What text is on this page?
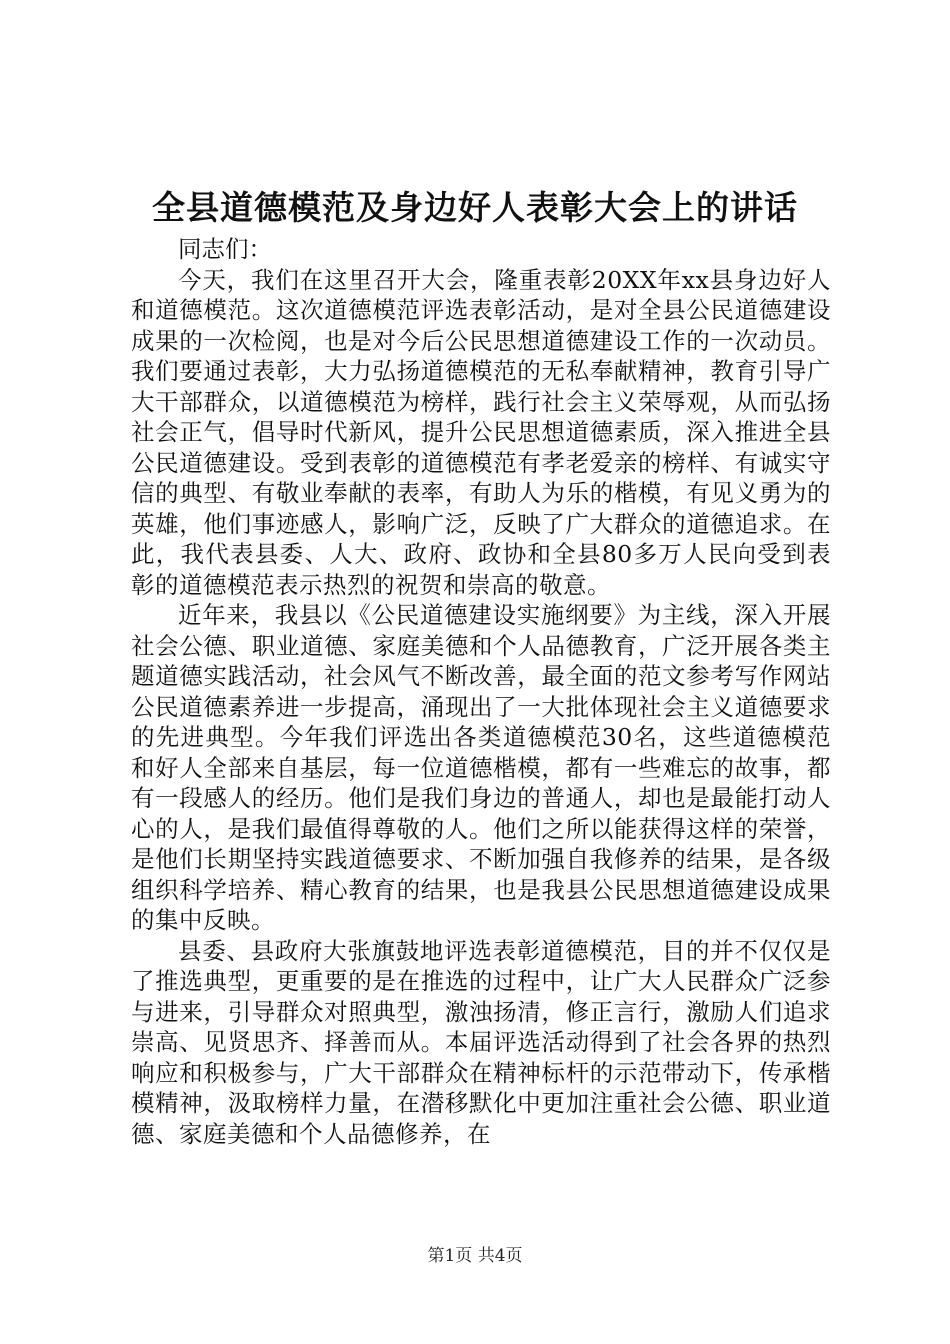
全县道德模范及身边好人表彰大会上的讲话

同志们：

今天，我们在这里召开大会，隆重表彰20XX年xx县身边好人和道德模范。这次道德模范评选表彰活动，是对全县公民道德建设成果的一次检阅，也是对今后公民思想道德建设工作的一次动员。我们要通过表彰，大力弘扬道德模范的无私奉献精神，教育引导广大干部群众，以道德模范为榜样，践行社会主义荣辱观，从而弘扬社会正气，倡导时代新风，提升公民思想道德素质，深入推进全县公民道德建设。受到表彰的道德模范有孝老爱亲的榜样、有诚实守信的典型、有敬业奉献的表率，有助人为乐的楷模，有见义勇为的英雄，他们事迹感人，影响广泛，反映了广大群众的道德追求。在此，我代表县委、人大、政府、政协和全县80多万人民向受到表彰的道德模范表示热烈的祝贺和崇高的敬意。

近年来，我县以《公民道德建设实施纲要》为主线，深入开展社会公德、职业道德、家庭美德和个人品德教育，广泛开展各类主题道德实践活动，社会风气不断改善，最全面的范文参考写作网站公民道德素养进一步提高，涌现出了一大批体现社会主义道德要求的先进典型。今年我们评选出各类道德模范30名，这些道德模范和好人全部来自基层，每一位道德楷模，都有一些难忘的故事，都有一段感人的经历。他们是我们身边的普通人，却也是最能打动人心的人，是我们最值得尊敬的人。他们之所以能获得这样的荣誉，是他们长期坚持实践道德要求、不断加强自我修养的结果，是各级组织科学培养、精心教育的结果，也是我县公民思想道德建设成果的集中反映。

县委、县政府大张旗鼓地评选表彰道德模范，目的并不仅仅是了推选典型，更重要的是在推选的过程中，让广大人民群众广泛参与进来，引导群众对照典型，激浊扬清，修正言行，激励人们追求崇高、见贤思齐、择善而从。本届评选活动得到了社会各界的热烈响应和积极参与，广大干部群众在精神标杆的示范带动下，传承楷模精神，汲取榜样力量，在潜移默化中更加注重社会公德、职业道德、家庭美德和个人品德修养，在

第1页 共4页
